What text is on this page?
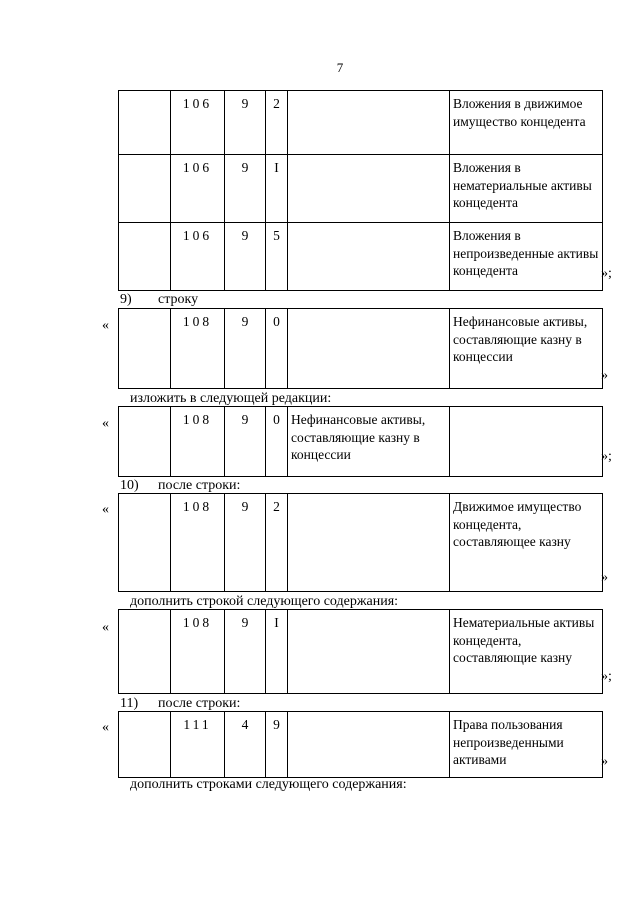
7
	106	9	2		Вложения в движимое имущество концедента
	106	9	I		Вложения в нематериальные активы концедента
	106	9	5		Вложения в непроизведенные активы концедента	»;
9) строку
«
		108	9	0		Нефинансовые активы, составляющие казну в концессии
»
изложить в следующей редакции:
«
		108	9	0	Нефинансовые активы, составляющие казну в концессии		»;
10) после строки:
«
		108	9	2		Движимое имущество концедента, составляющее казну
»
дополнить строкой следующего содержания:
«
		108	9	I		Нематериальные активы концедента, составляющие казну
»;
11) после строки:
«
		111	4	9		Права пользования непроизведенными активами	»
дополнить строками следующего содержания:
